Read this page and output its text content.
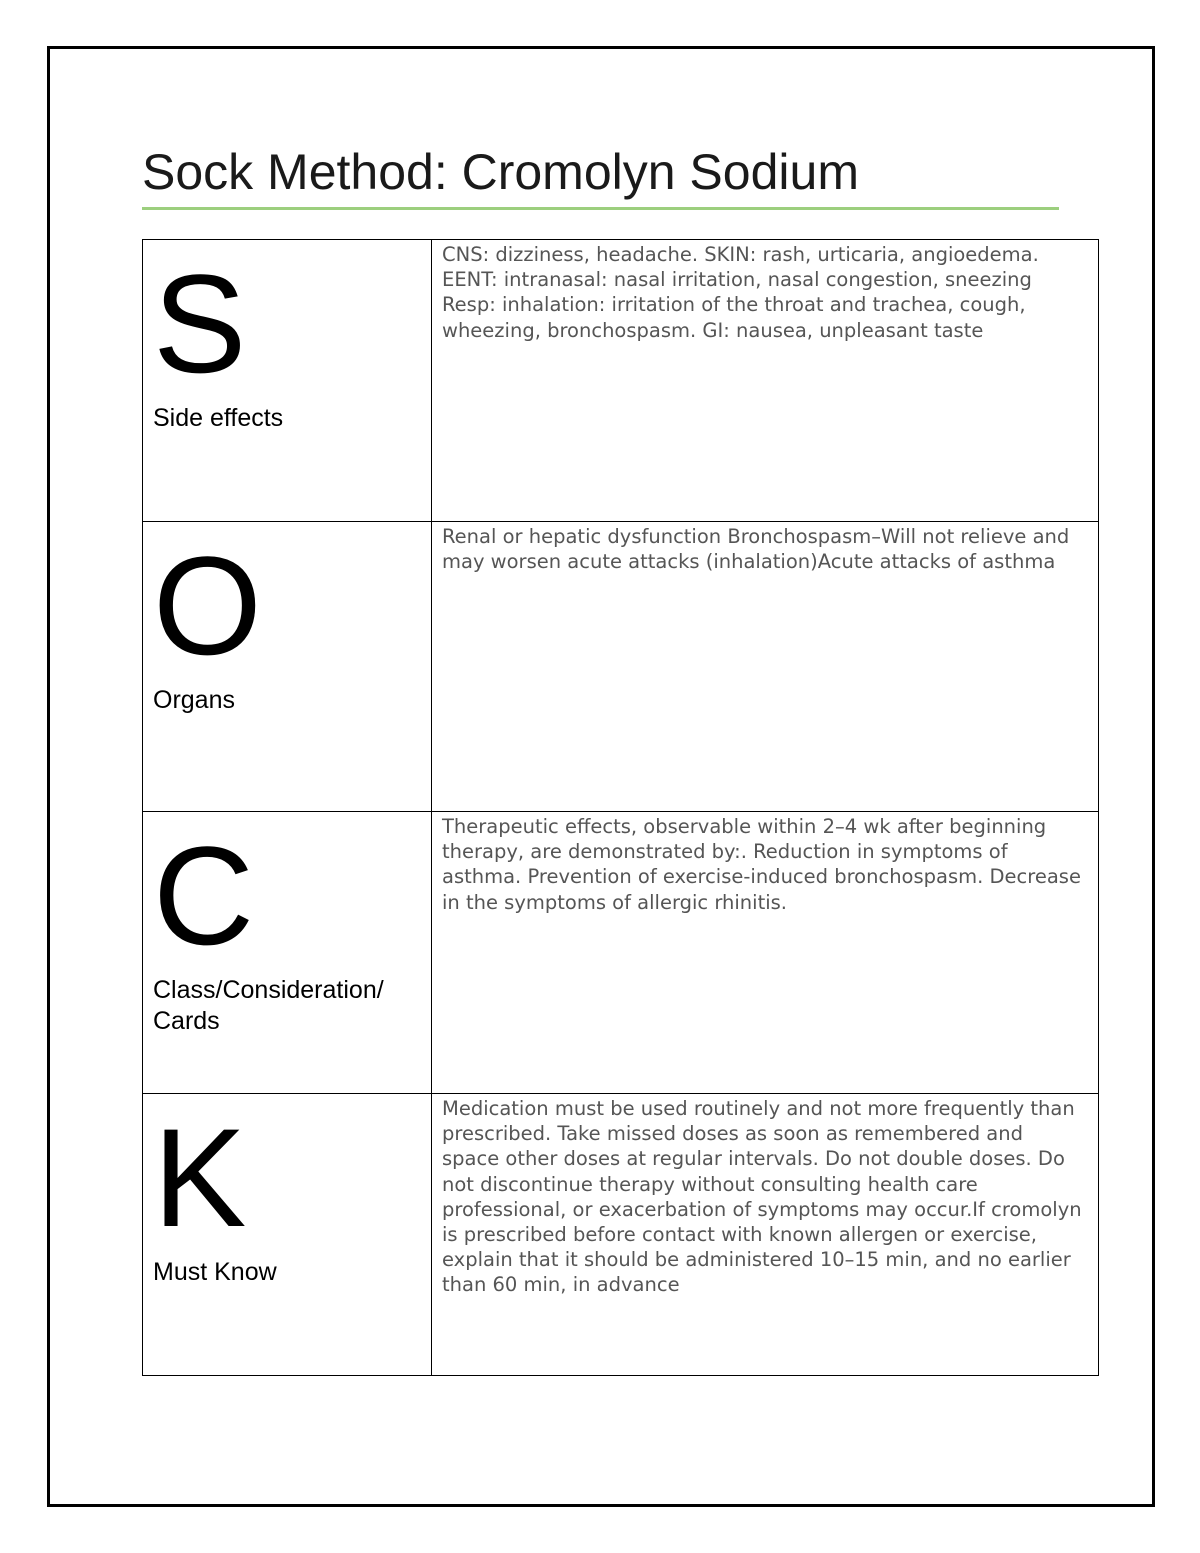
Sock Method: Cromolyn Sodium
S
Side effects	CNS: dizziness, headache. SKIN: rash, urticaria, angioedema. EENT: intranasal: nasal irritation, nasal congestion, sneezing Resp: inhalation: irritation of the throat and trachea, cough, wheezing, bronchospasm. GI: nausea, unpleasant taste

O
Organs	Renal or hepatic dysfunction Bronchospasm–Will not relieve and may worsen acute attacks (inhalation)Acute attacks of asthma

C
Class/Consideration/ Cards	Therapeutic effects, observable within 2–4 wk after beginning therapy, are demonstrated by:. Reduction in symptoms of asthma. Prevention of exercise-induced bronchospasm. Decrease in the symptoms of allergic rhinitis.

K
Must Know	Medication must be used routinely and not more frequently than prescribed. Take missed doses as soon as remembered and space other doses at regular intervals. Do not double doses. Do not discontinue therapy without consulting health care professional, or exacerbation of symptoms may occur.If cromolyn is prescribed before contact with known allergen or exercise, explain that it should be administered 10–15 min, and no earlier than 60 min, in advance
